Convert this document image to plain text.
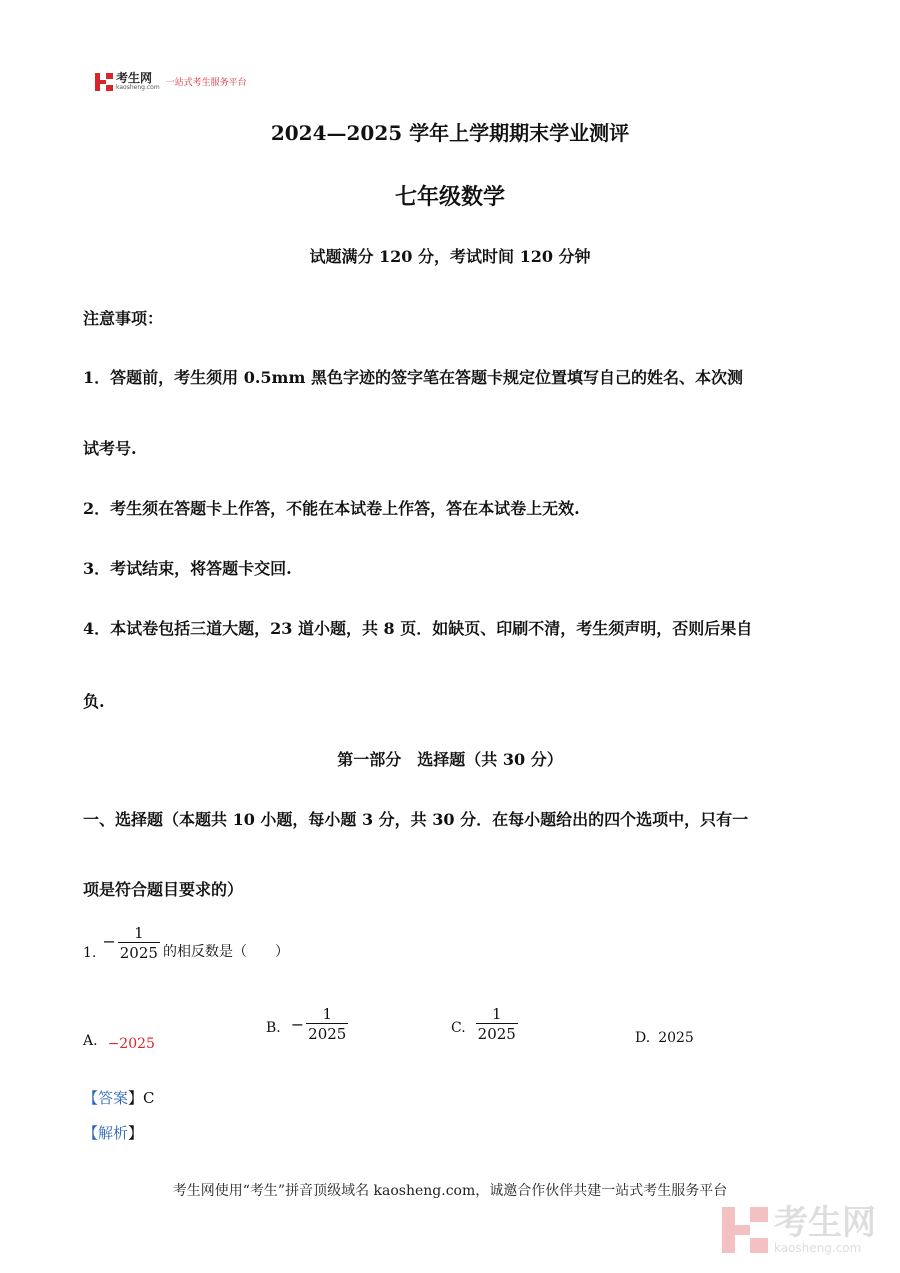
考生网
kaosheng.com 一站式考生服务平台
2024—2025 学年上学期期末学业测评
七年级数学
试题满分 120 分，考试时间 120 分钟
注意事项：
1．答题前，考生须用 0.5mm 黑色字迹的签字笔在答题卡规定位置填写自己的姓名、本次测
试考号.
2．考生须在答题卡上作答，不能在本试卷上作答，答在本试卷上无效.
3．考试结束，将答题卡交回.
4．本试卷包括三道大题，23 道小题，共 8 页．如缺页、印刷不清，考生须声明，否则后果自
负.
第一部分　选择题（共 30 分）
一、选择题（本题共 10 小题，每小题 3 分，共 30 分．在每小题给出的四个选项中，只有一
项是符合题目要求的）
1.
− $\frac{1}{2025}$ 的相反数是（　　）
A. −2025
B. − $\frac{1}{2025}$	C. $\frac{1}{2025}$	D. 2025
【答案】C
【解析】
考生网使用“考生”拼音顶级域名 kaosheng.com，诚邀合作伙伴共建一站式考生服务平台
考生网
kaosheng.com
